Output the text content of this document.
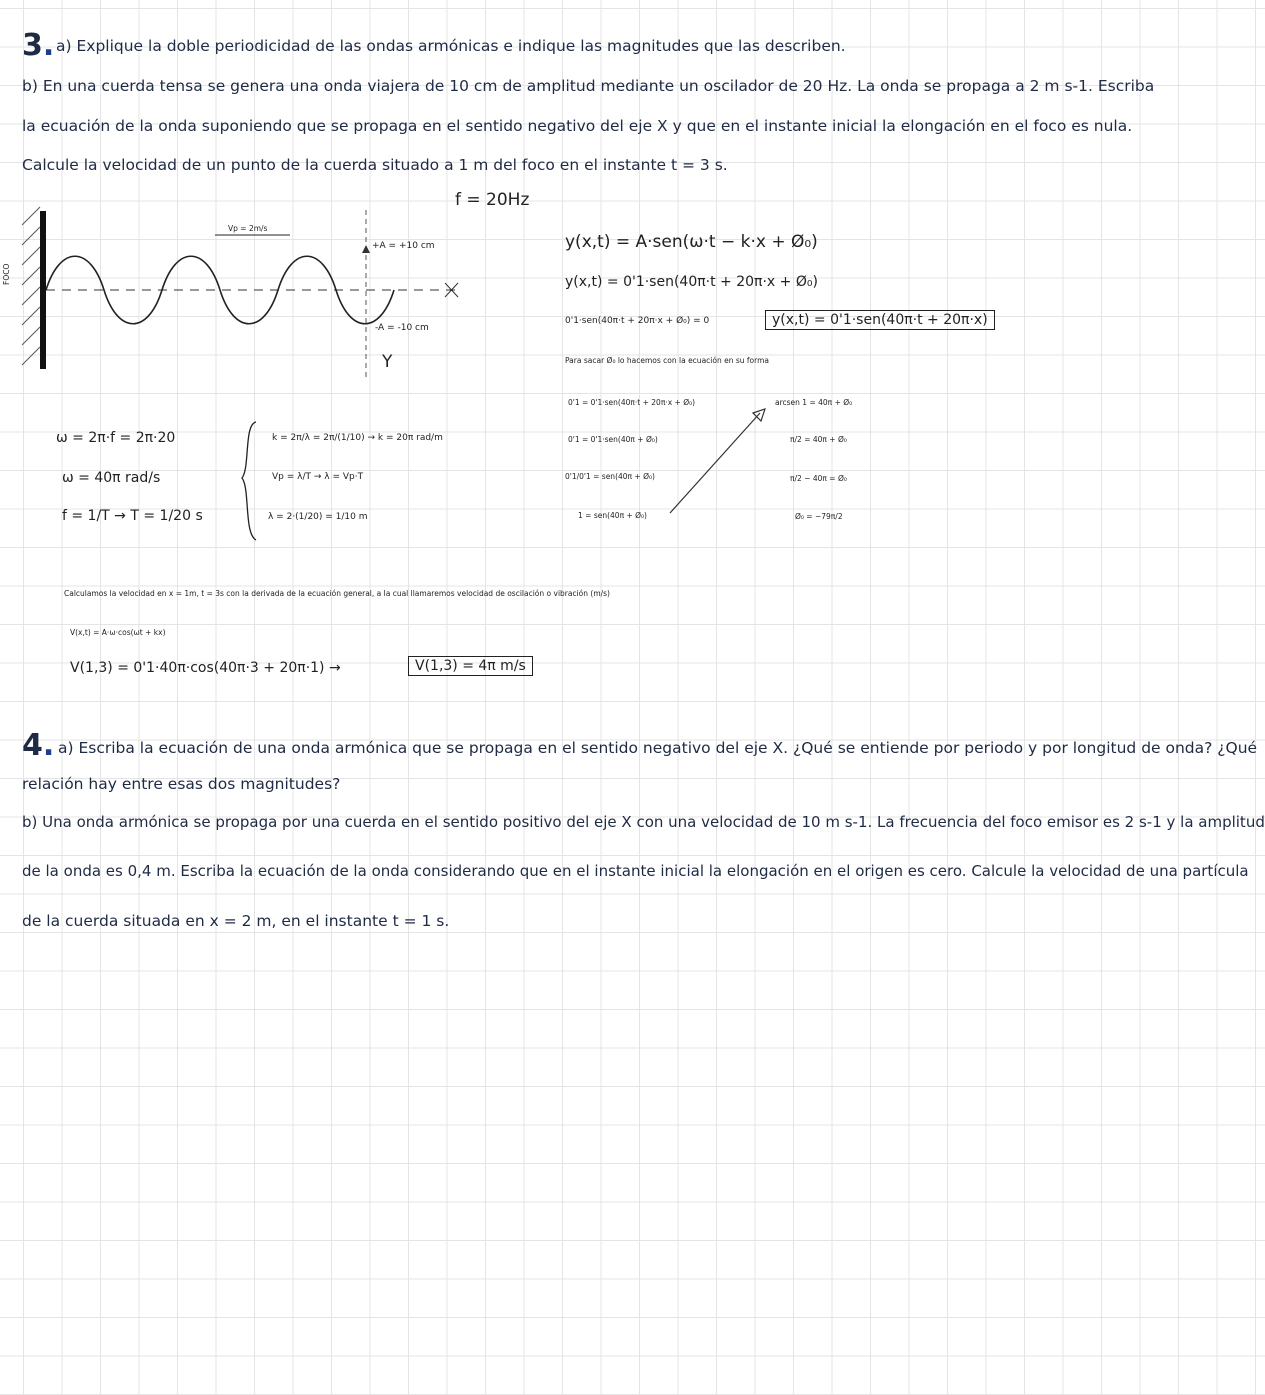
3. a) Explique la doble periodicidad de las ondas armónicas e indique las magnitudes que las describen.
b) En una cuerda tensa se genera una onda viajera de 10 cm de amplitud mediante un oscilador de 20 Hz. La onda se propaga a 2 m s-1. Escriba
la ecuación de la onda suponiendo que se propaga en el sentido negativo del eje X y que en el instante inicial la elongación en el foco es nula.
Calcule la velocidad de un punto de la cuerda situado a 1 m del foco en el instante t = 3 s.
f = 20Hz
Vp = 2m/s
+A = +10 cm
-A = -10 cm
Y
FOCO
y(x,t) = A·sen(ω·t − k·x + Ø₀)
y(x,t) = 0'1·sen(40π·t + 20π·x + Ø₀)
0'1·sen(40π·t + 20π·x + Ø₀) = 0	y(x,t) = 0'1·sen(40π·t + 20π·x)
Para sacar Ø₀ lo hacemos con la ecuación en su forma
0'1 = 0'1·sen(40π·t + 20π·x + Ø₀)
0'1 = 0'1·sen(40π + Ø₀)
0'1/0'1 = sen(40π + Ø₀)
1 = sen(40π + Ø₀)
arcsen 1 = 40π + Ø₀
π/2 = 40π + Ø₀
π/2 − 40π = Ø₀
Ø₀ = −79π/2
ω = 2π·f = 2π·20
ω = 40π rad/s
f = 1/T → T = 1/20 s
k = 2π/λ = 2π/(1/10) → k = 20π rad/m
Vp = λ/T → λ = Vp·T
λ = 2·(1/20) = 1/10 m
Calculamos la velocidad en x = 1m, t = 3s con la derivada de la ecuación general, a la cual llamaremos velocidad de oscilación o vibración (m/s)
V(x,t) = A·ω·cos(ωt + kx)
V(1,3) = 0'1·40π·cos(40π·3 + 20π·1) →	V(1,3) = 4π m/s
4. a) Escriba la ecuación de una onda armónica que se propaga en el sentido negativo del eje X. ¿Qué se entiende por periodo y por longitud de onda? ¿Qué
relación hay entre esas dos magnitudes?
b) Una onda armónica se propaga por una cuerda en el sentido positivo del eje X con una velocidad de 10 m s-1. La frecuencia del foco emisor es 2 s-1 y la amplitud
de la onda es 0,4 m. Escriba la ecuación de la onda considerando que en el instante inicial la elongación en el origen es cero. Calcule la velocidad de una partícula
de la cuerda situada en x = 2 m, en el instante t = 1 s.
